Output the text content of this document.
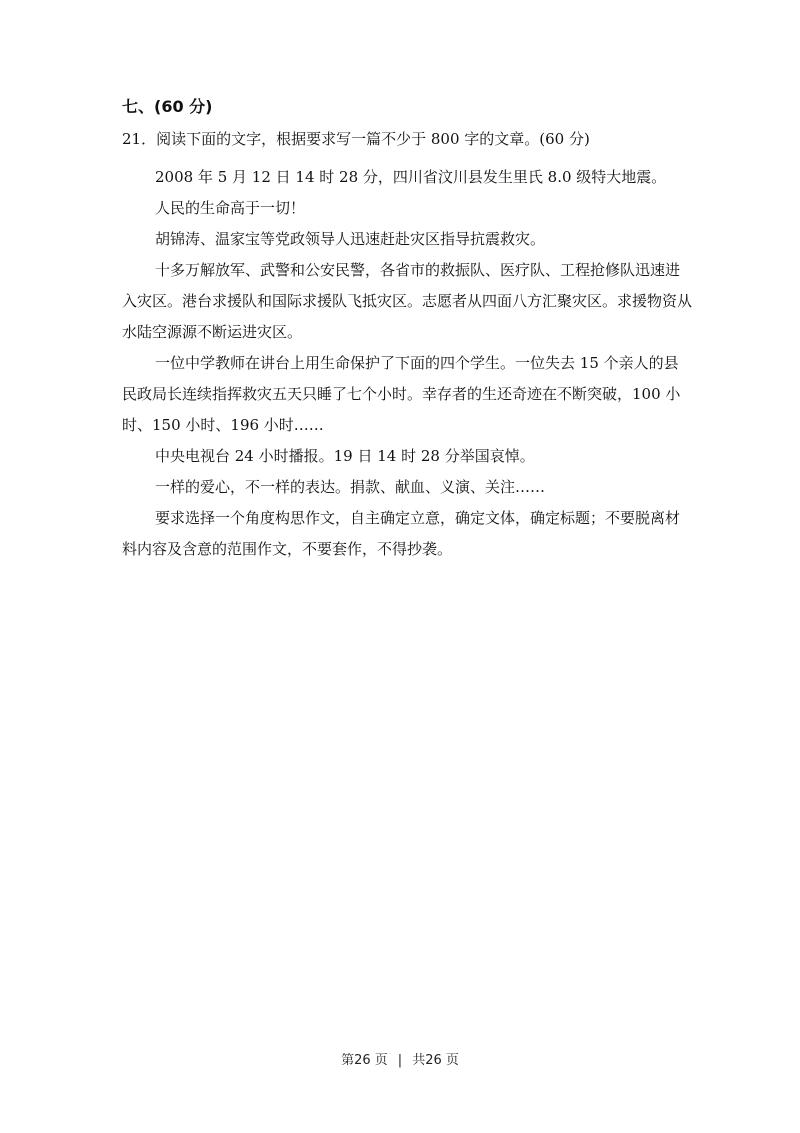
七、(60 分)
21．阅读下面的文字，根据要求写一篇不少于 800 字的文章。(60 分)

2008 年 5 月 12 日 14 时 28 分，四川省汶川县发生里氏 8.0 级特大地震。

人民的生命高于一切！

胡锦涛、温家宝等党政领导人迅速赶赴灾区指导抗震救灾。

十多万解放军、武警和公安民警，各省市的救振队、医疗队、工程抢修队迅速进入灾区。港台求援队和国际求援队飞抵灾区。志愿者从四面八方汇聚灾区。求援物资从水陆空源源不断运进灾区。

一位中学教师在讲台上用生命保护了下面的四个学生。一位失去 15 个亲人的县民政局长连续指挥救灾五天只睡了七个小时。幸存者的生还奇迹在不断突破，100 小时、150 小时、196 小时……

中央电视台 24 小时播报。19 日 14 时 28 分举国哀悼。

一样的爱心，不一样的表达。捐款、献血、义演、关注……

要求选择一个角度构思作文，自主确定立意，确定文体，确定标题；不要脱离材料内容及含意的范围作文，不要套作，不得抄袭。

第26 页 | 共26 页
